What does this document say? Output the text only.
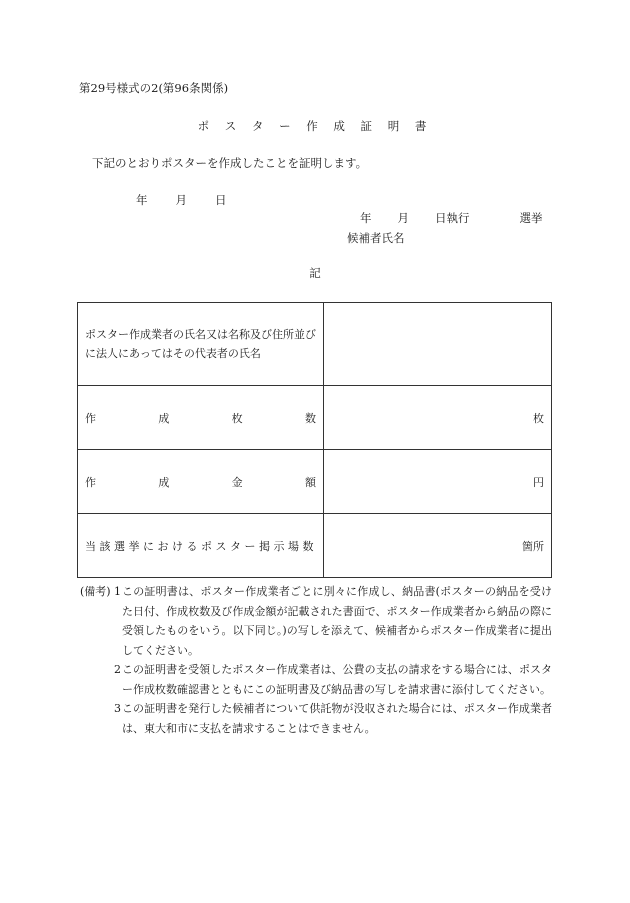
第29号様式の2(第96条関係)
ポ ス タ ー 作 成 証 明 書
下記のとおりポスターを作成したことを証明します。
年 月 日
年 月 日執行	選挙
候補者氏名
記
ポスター作成業者の氏名又は名称及び住所並びに法人にあってはその代表者の氏名	

作 成 枚 数	枚

作 成 金 額	円
当 該 選 挙 に お け る ポ ス タ ー 掲 示 場 数	箇所
(備考) 1 この証明書は、ポスター作成業者ごとに別々に作成し、納品書(ポスターの納品を受けた日付、作成枚数及び作成金額が記載された書面で、ポスター作成業者から納品の際に受領したものをいう。以下同じ。)の写しを添えて、候補者からポスター作成業者に提出してください。
2 この証明書を受領したポスター作成業者は、公費の支払の請求をする場合には、ポスター作成枚数確認書とともにこの証明書及び納品書の写しを請求書に添付してください。
3 この証明書を発行した候補者について供託物が没収された場合には、ポスター作成業者は、東大和市に支払を請求することはできません。
